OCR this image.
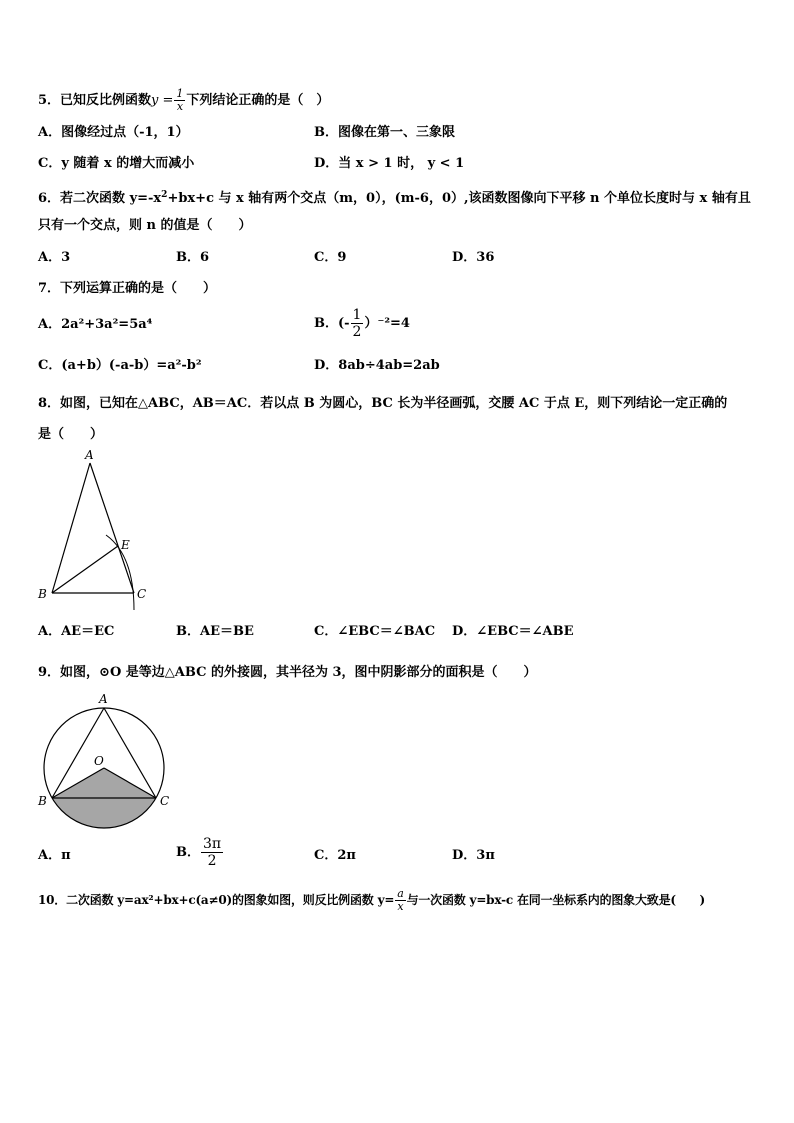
5．已知反比例函数$y = \frac{1}{x}$ 下列结论正确的是（　）
A．图像经过点（-1，1）	B．图像在第一、三象限
C．y 随着 x 的增大而减小	D．当 x > 1 时， y < 1
6．若二次函数 $y=-x^2+bx+c$ 与 x 轴有两个交点（m，0），(m-6，0）,该函数图像向下平移 n 个单位长度时与 x 轴有且
只有一个交点，则 n 的值是（　　）
A．3	B．6	C．9	D．36
7．下列运算正确的是（　　）
A．2a²+3a²=5a⁴	B．(- $\frac{1}{2} )^{-2}=4$
C．(a+b）(-a-b）=a²-b²	D．8ab÷4ab=2ab
8．如图，已知在△ABC，AB＝AC．若以点 B 为圆心，BC 长为半径画弧，交腰 AC 于点 E，则下列结论一定正确的
是（　　）
A
B	C
E
A．AE＝EC	B．AE＝BE	C．∠EBC＝∠BAC D．∠EBC＝∠ABE
9．如图，⊙O 是等边△ABC 的外接圆，其半径为 3，图中阴影部分的面积是（　　）
A
O
B	C
A．π	B． $\frac{3\pi}{2}$	C．2π	D．3π
10．二次函数 y=ax²+bx+c(a≠0)的图象如图，则反比例函数 $y= \frac{a}{x}$ 与一次函数 y=bx-c 在同一坐标系内的图象大致是(　　)
